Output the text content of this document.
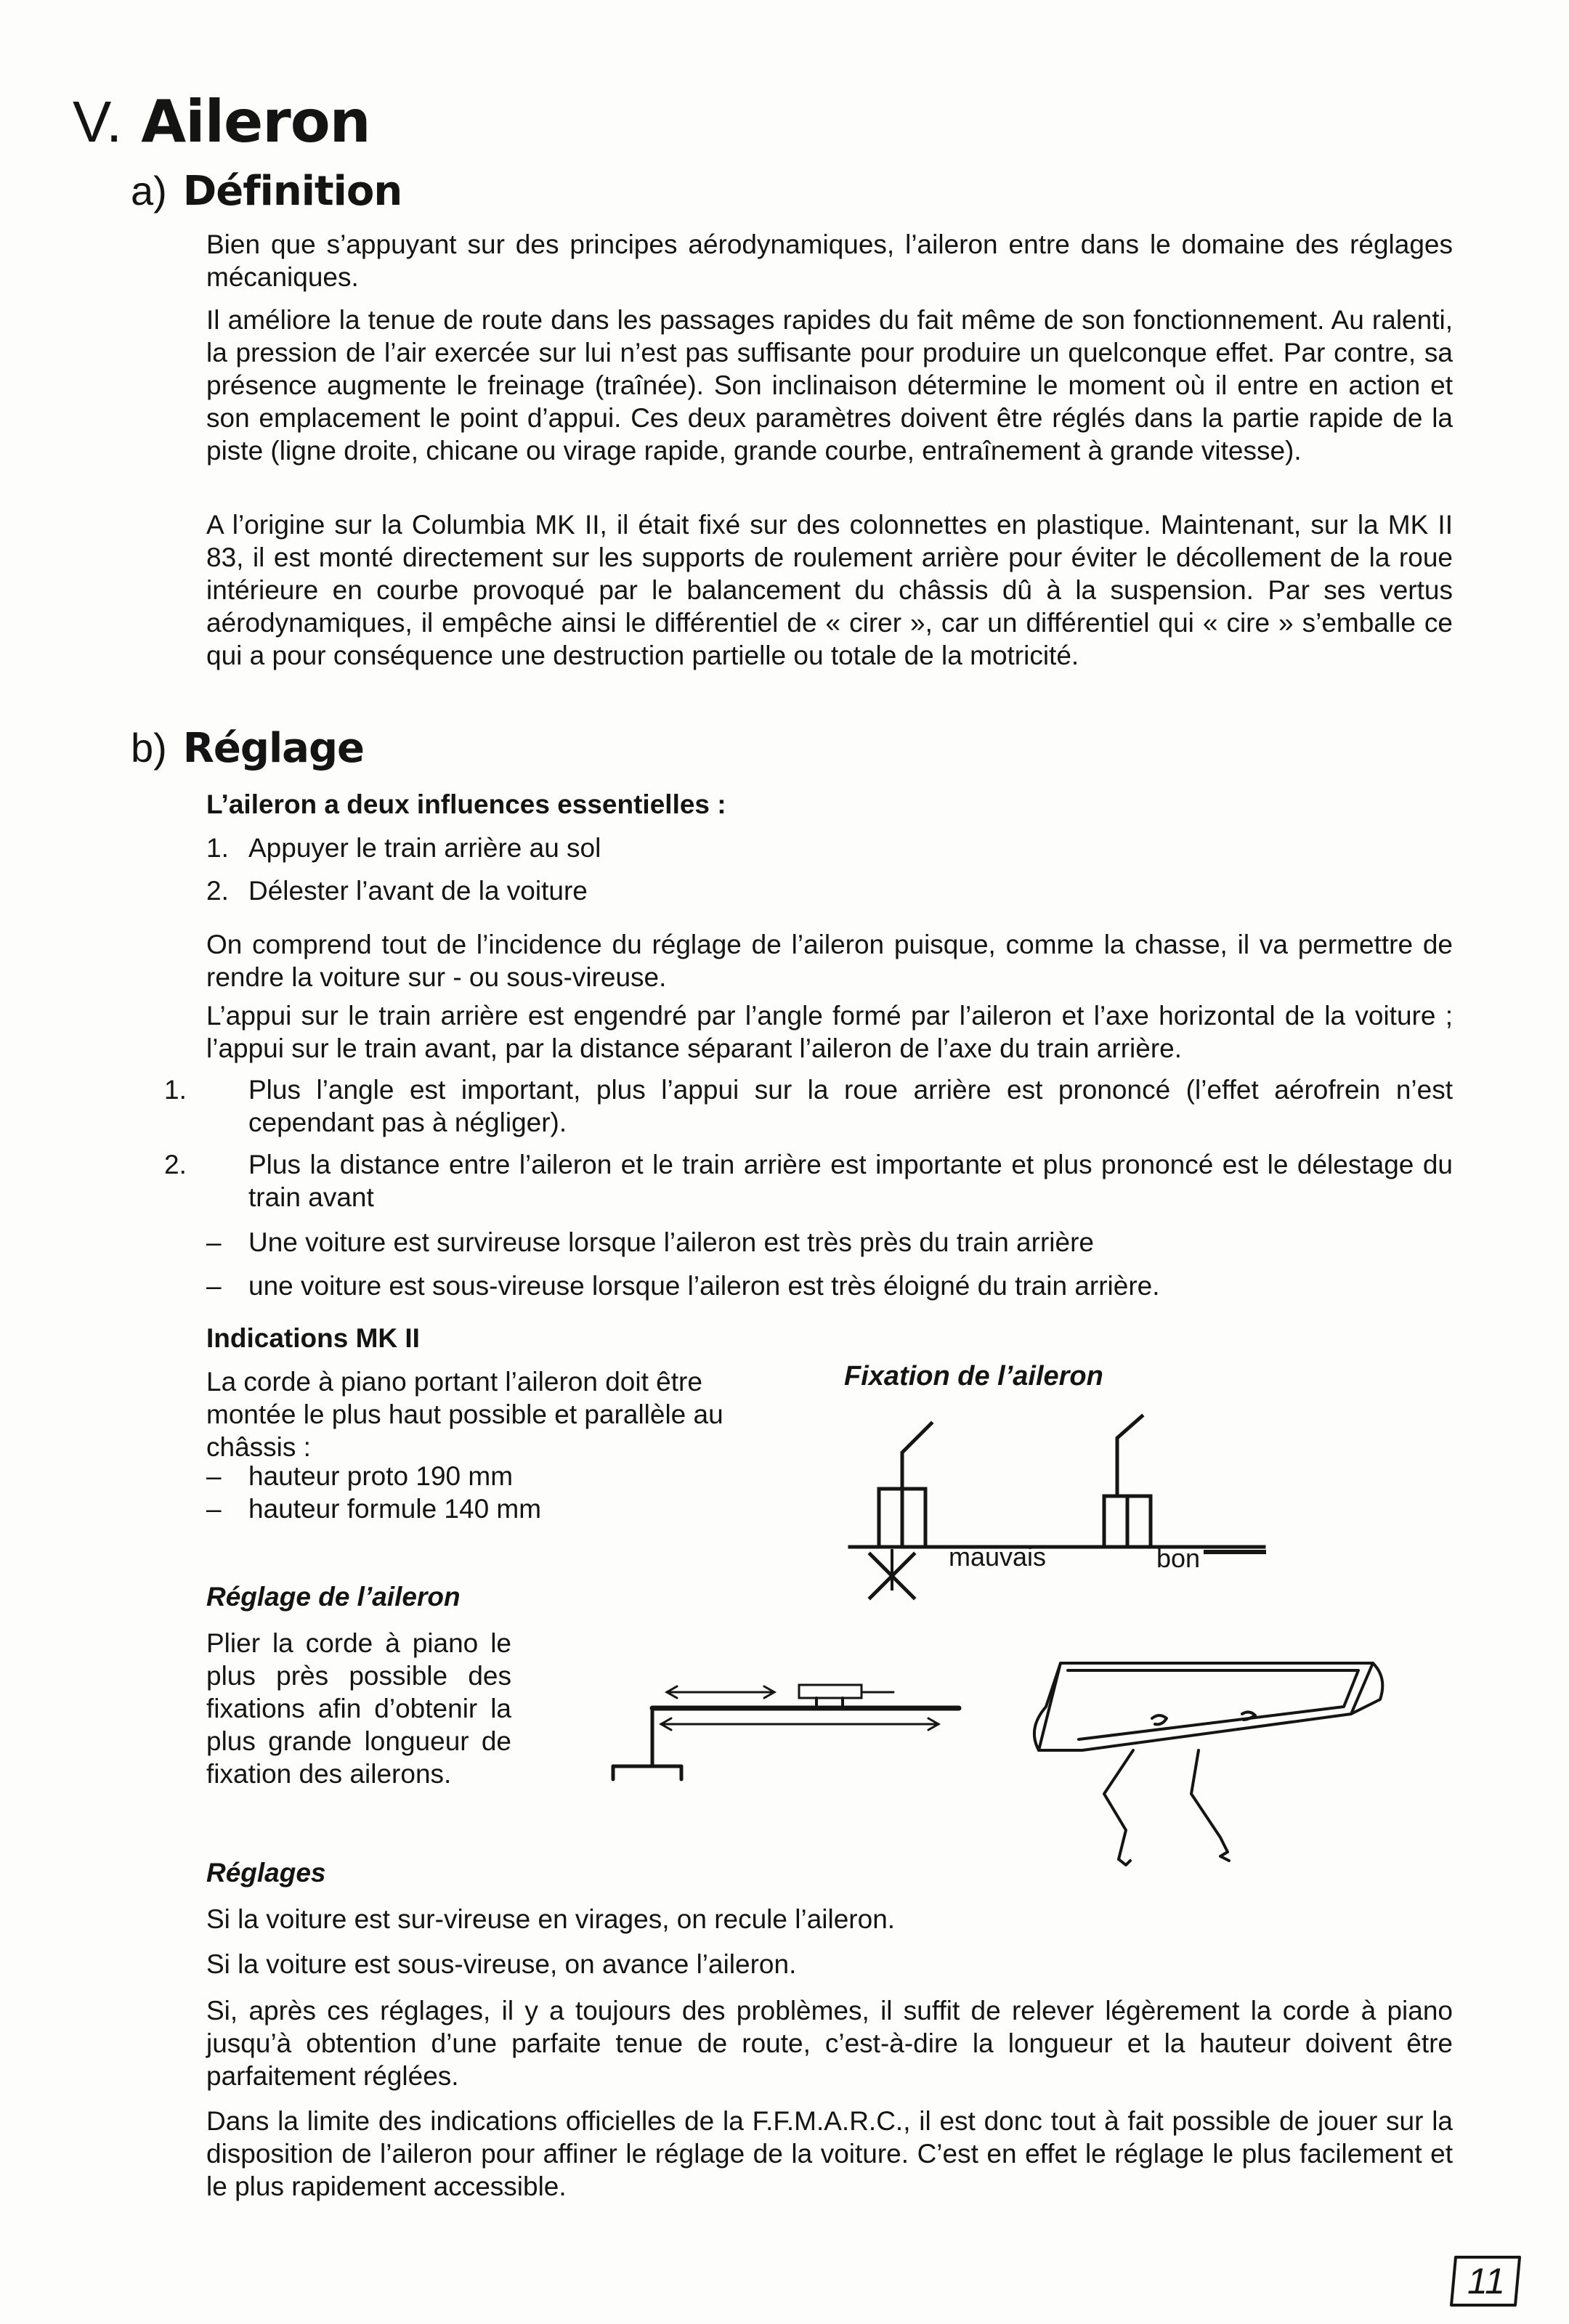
V. Aileron
a) Définition

Bien que s’appuyant sur des principes aérodynamiques, l’aileron entre dans le domaine des réglages mécaniques.

Il améliore la tenue de route dans les passages rapides du fait même de son fonctionnement. Au ralenti, la pression de l’air exercée sur lui n’est pas suffisante pour produire un quelconque effet. Par contre, sa présence augmente le freinage (traînée). Son inclinaison détermine le moment où il entre en action et son emplacement le point d’appui. Ces deux paramètres doivent être réglés dans la partie rapide de la piste (ligne droite, chicane ou virage rapide, grande courbe, entraînement à grande vitesse).

A l’origine sur la Columbia MK II, il était fixé sur des colonnettes en plastique. Maintenant, sur la MK II 83, il est monté directement sur les supports de roulement arrière pour éviter le décollement de la roue intérieure en courbe provoqué par le balancement du châssis dû à la suspension. Par ses vertus aérodynamiques, il empêche ainsi le différentiel de « cirer », car un différentiel qui « cire » s’emballe ce qui a pour conséquence une destruction partielle ou totale de la motricité.

b) Réglage

L’aileron a deux influences essentielles :

1. Appuyer le train arrière au sol
2. Délester l’avant de la voiture

On comprend tout de l’incidence du réglage de l’aileron puisque, comme la chasse, il va permettre de rendre la voiture sur - ou sous-vireuse.

L’appui sur le train arrière est engendré par l’angle formé par l’aileron et l’axe horizontal de la voiture ; l’appui sur le train avant, par la distance séparant l’aileron de l’axe du train arrière.

1. Plus l’angle est important, plus l’appui sur la roue arrière est prononcé (l’effet aérofrein n’est cependant pas à négliger).
2. Plus la distance entre l’aileron et le train arrière est importante et plus prononcé est le délestage du train avant
– Une voiture est survireuse lorsque l’aileron est très près du train arrière
– une voiture est sous-vireuse lorsque l’aileron est très éloigné du train arrière.

Indications MK II

La corde à piano portant l’aileron doit être montée le plus haut possible et parallèle au châssis :

– hauteur proto 190 mm
– hauteur formule 140 mm
Fixation de l’aileron
mauvais	bon

Réglage de l’aileron

Plier la corde à piano le plus près possible des fixations afin d’obtenir la plus grande longueur de fixation des ailerons.

Réglages

Si la voiture est sur-vireuse en virages, on recule l’aileron.

Si la voiture est sous-vireuse, on avance l’aileron.

Si, après ces réglages, il y a toujours des problèmes, il suffit de relever légèrement la corde à piano jusqu’à obtention d’une parfaite tenue de route, c’est-à-dire la longueur et la hauteur doivent être parfaitement réglées.

Dans la limite des indications officielles de la F.F.M.A.R.C., il est donc tout à fait possible de jouer sur la disposition de l’aileron pour affiner le réglage de la voiture. C’est en effet le réglage le plus facilement et le plus rapidement accessible.

11
